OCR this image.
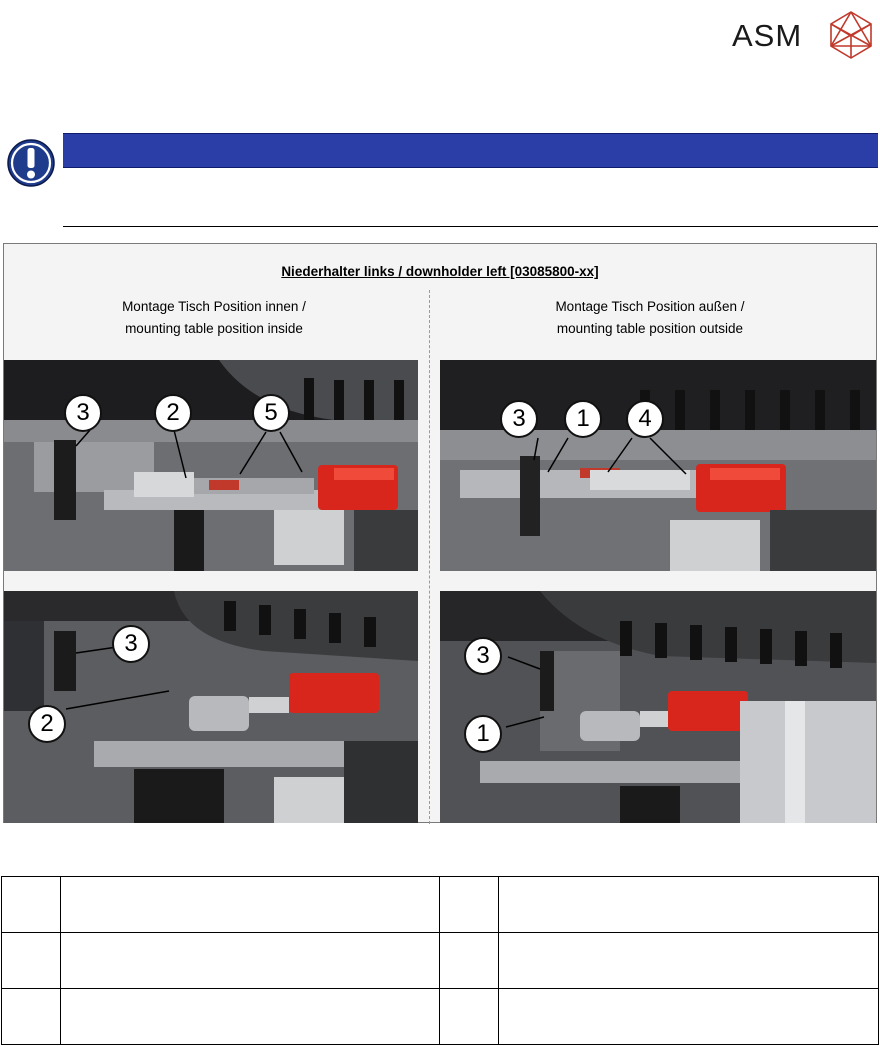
ASM
Niederhalter links / downholder left [03085800-xx]
Montage Tisch Position innen /
mounting table position inside
Montage Tisch Position außen /
mounting table position outside
3	2	5	3	1	4
3
2
3
1
